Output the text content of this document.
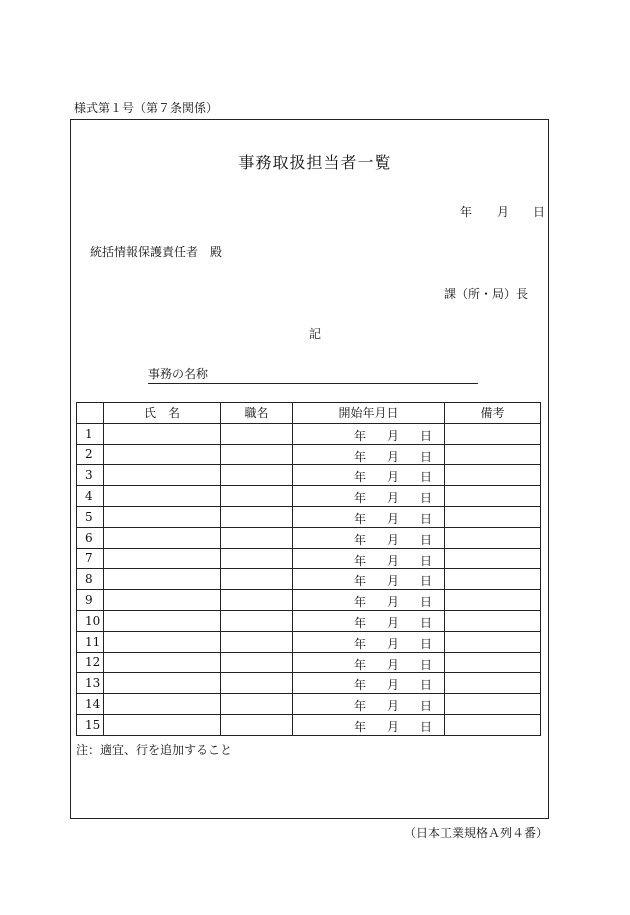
様式第１号（第７条関係）
事務取扱担当者一覧
年 月 日
統括情報保護責任者　殿
課（所・局）長
記
事務の名称
	氏　名	職名	開始年月日	備考
1			年 月 日	

2			年 月 日	

3			年 月 日	

4			年 月 日	

5			年 月 日	

6			年 月 日	

7			年 月 日	

8			年 月 日	

9			年 月 日	

10			年 月 日	

11			年 月 日	

12			年 月 日	

13			年 月 日	

14			年 月 日	

15			年 月 日	

注：適宜、行を追加すること
（日本工業規格Ａ列４番）
